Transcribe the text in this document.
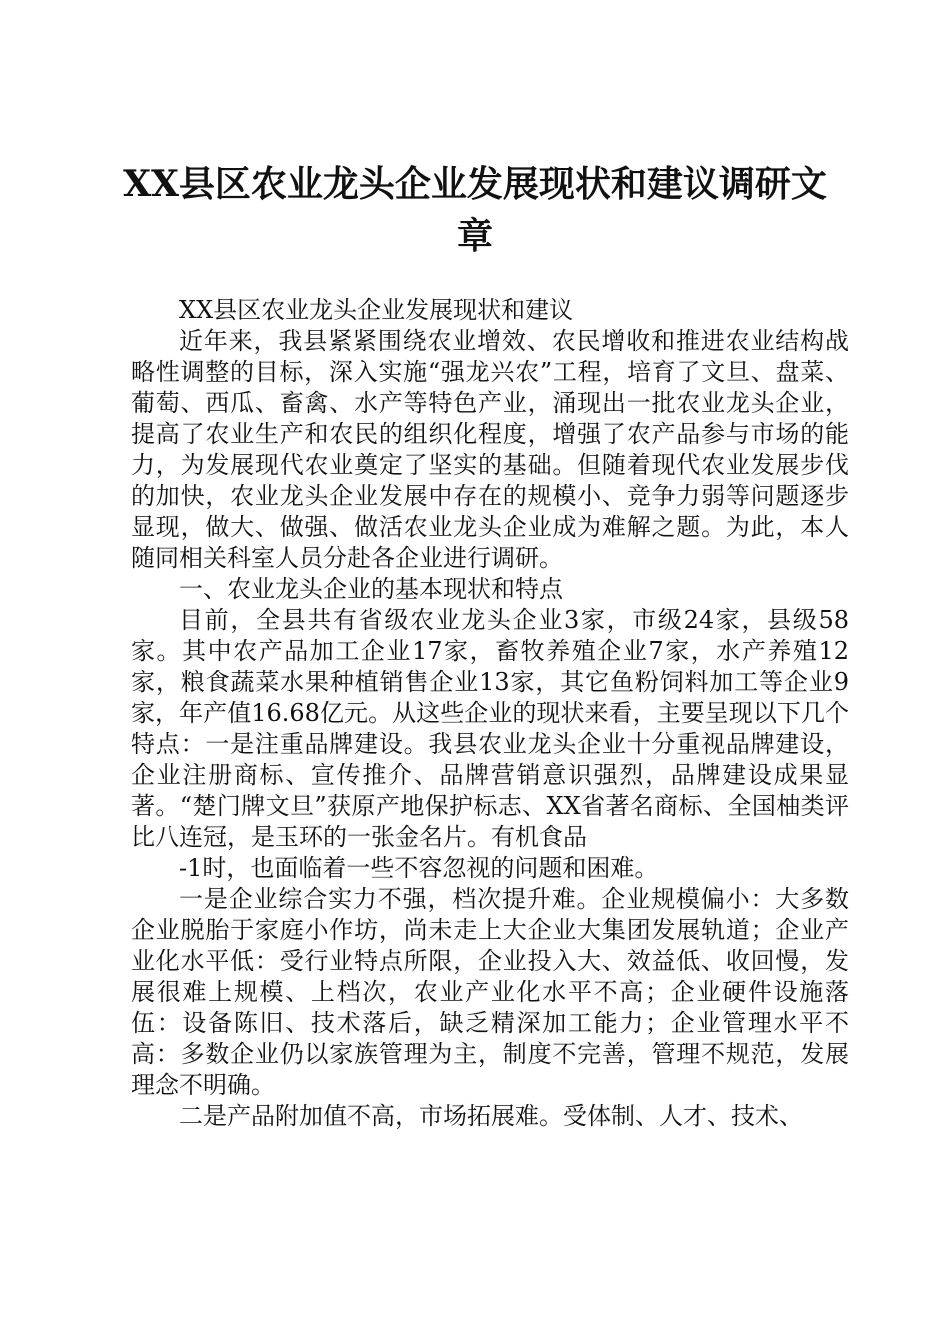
XX县区农业龙头企业发展现状和建议调研文章

XX县区农业龙头企业发展现状和建议

近年来，我县紧紧围绕农业增效、农民增收和推进农业结构战略性调整的目标，深入实施“强龙兴农”工程，培育了文旦、盘菜、葡萄、西瓜、畜禽、水产等特色产业，涌现出一批农业龙头企业，提高了农业生产和农民的组织化程度，增强了农产品参与市场的能力，为发展现代农业奠定了坚实的基础。但随着现代农业发展步伐的加快，农业龙头企业发展中存在的规模小、竞争力弱等问题逐步显现，做大、做强、做活农业龙头企业成为难解之题。为此，本人随同相关科室人员分赴各企业进行调研。

一、农业龙头企业的基本现状和特点

目前，全县共有省级农业龙头企业3家，市级24家，县级58家。其中农产品加工企业17家，畜牧养殖企业7家，水产养殖12家，粮食蔬菜水果种植销售企业13家，其它鱼粉饲料加工等企业9家，年产值16.68亿元。从这些企业的现状来看，主要呈现以下几个特点：一是注重品牌建设。我县农业龙头企业十分重视品牌建设，企业注册商标、宣传推介、品牌营销意识强烈，品牌建设成果显著。“楚门牌文旦”获原产地保护标志、XX省著名商标、全国柚类评比八连冠，是玉环的一张金名片。有机食品

-1时，也面临着一些不容忽视的问题和困难。

一是企业综合实力不强，档次提升难。企业规模偏小：大多数企业脱胎于家庭小作坊，尚未走上大企业大集团发展轨道；企业产业化水平低：受行业特点所限，企业投入大、效益低、收回慢，发展很难上规模、上档次，农业产业化水平不高；企业硬件设施落伍：设备陈旧、技术落后，缺乏精深加工能力；企业管理水平不高：多数企业仍以家族管理为主，制度不完善，管理不规范，发展理念不明确。

二是产品附加值不高，市场拓展难。受体制、人才、技术、
